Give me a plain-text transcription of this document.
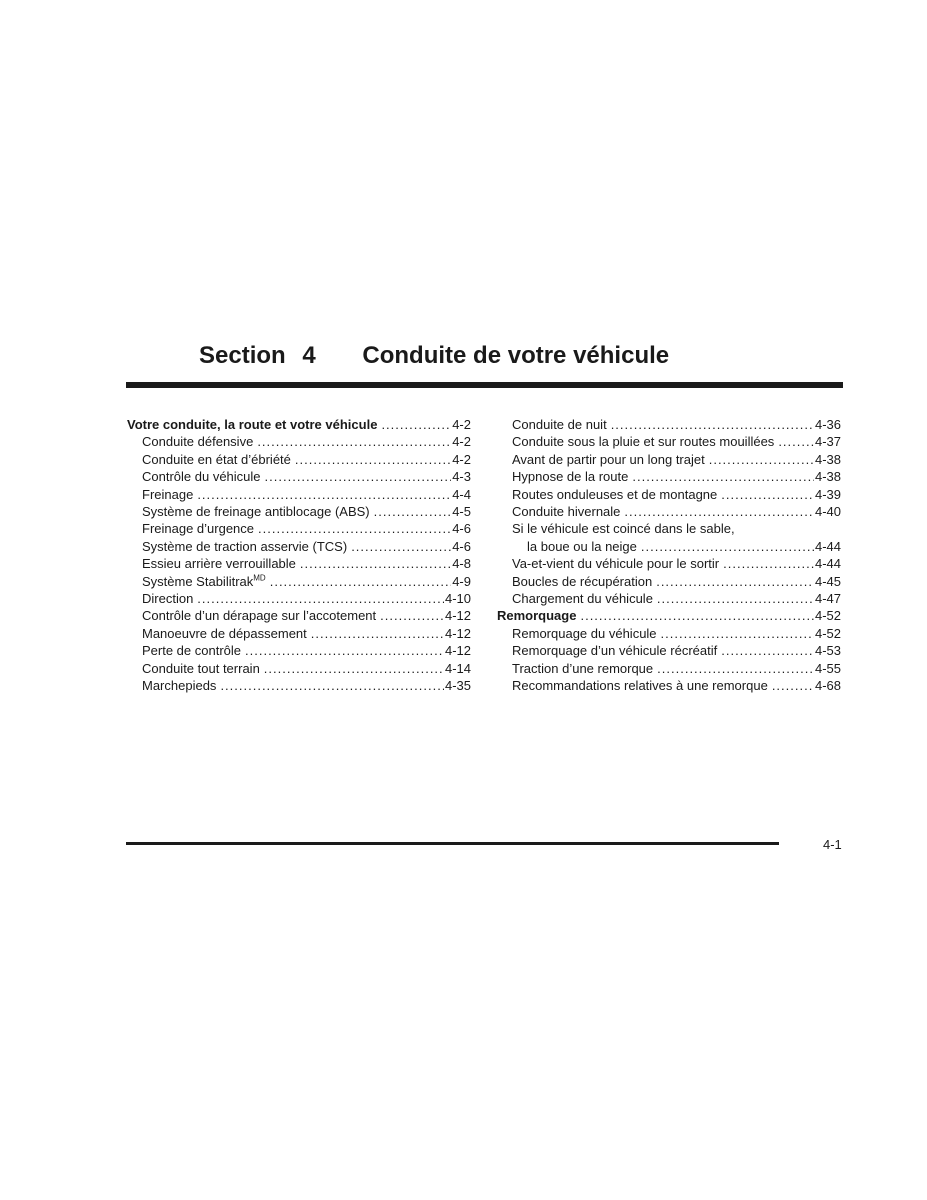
Section 4 Conduite de votre véhicule
Votre conduite, la route et votre véhicule .....	4-2
Conduite défensive .....	4-2
Conduite en état d’ébriété .....	4-2
Contrôle du véhicule .....	4-3
Freinage .....	4-4
Système de freinage antiblocage (ABS) .....	4-5
Freinage d’urgence .....	4-6
Système de traction asservie (TCS) .....	4-6
Essieu arrière verrouillable .....	4-8
Système Stabilitrak$^{MD}$ .....	4-9
Direction .....	4-10
Contrôle d’un dérapage sur l’accotement .....	4-12
Manoeuvre de dépassement .....	4-12
Perte de contrôle .....	4-12
Conduite tout terrain .....	4-14
Marchepieds .....	4-35
Conduite de nuit .....	4-36
Conduite sous la pluie et sur routes mouillées .....	4-37
Avant de partir pour un long trajet .....	4-38
Hypnose de la route .....	4-38
Routes onduleuses et de montagne .....	4-39
Conduite hivernale .....	4-40
Si le véhicule est coincé dans le sable,
la boue ou la neige .....	4-44
Va-et-vient du véhicule pour le sortir .....	4-44
Boucles de récupération .....	4-45
Chargement du véhicule .....	4-47
Remorquage .....	4-52
Remorquage du véhicule .....	4-52
Remorquage d’un véhicule récréatif .....	4-53
Traction d’une remorque .....	4-55
Recommandations relatives à une remorque .....	4-68
4-1
